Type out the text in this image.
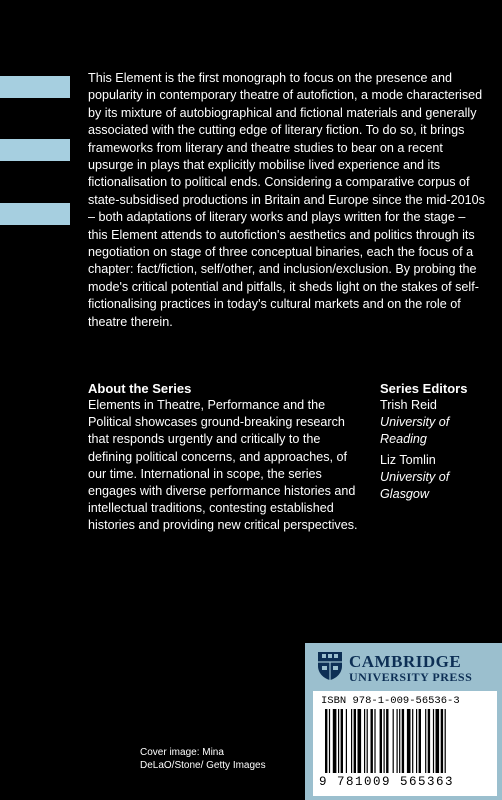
This Element is the first monograph to focus on the presence and popularity in contemporary theatre of autofiction, a mode characterised by its mixture of autobiographical and fictional materials and generally associated with the cutting edge of literary fiction. To do so, it brings frameworks from literary and theatre studies to bear on a recent upsurge in plays that explicitly mobilise lived experience and its fictionalisation to political ends. Considering a comparative corpus of state-subsidised productions in Britain and Europe since the mid-2010s – both adaptations of literary works and plays written for the stage – this Element attends to autofiction's aesthetics and politics through its negotiation on stage of three conceptual binaries, each the focus of a chapter: fact/fiction, self/other, and inclusion/exclusion. By probing the mode's critical potential and pitfalls, it sheds light on the stakes of self-fictionalising practices in today's cultural markets and on the role of theatre therein.

About the Series

Elements in Theatre, Performance and the Political showcases ground-breaking research that responds urgently and critically to the defining political concerns, and approaches, of our time. International in scope, the series engages with diverse performance histories and intellectual traditions, contesting established histories and providing new critical perspectives.

Series Editors

Trish Reid

University of Reading

Liz Tomlin

University of Glasgow

CAMBRIDGE
UNIVERSITY PRESS
ISBN 978-1-009-56536-3
9 781009 565363

Cover image: Mina DeLaO/Stone/ Getty Images
